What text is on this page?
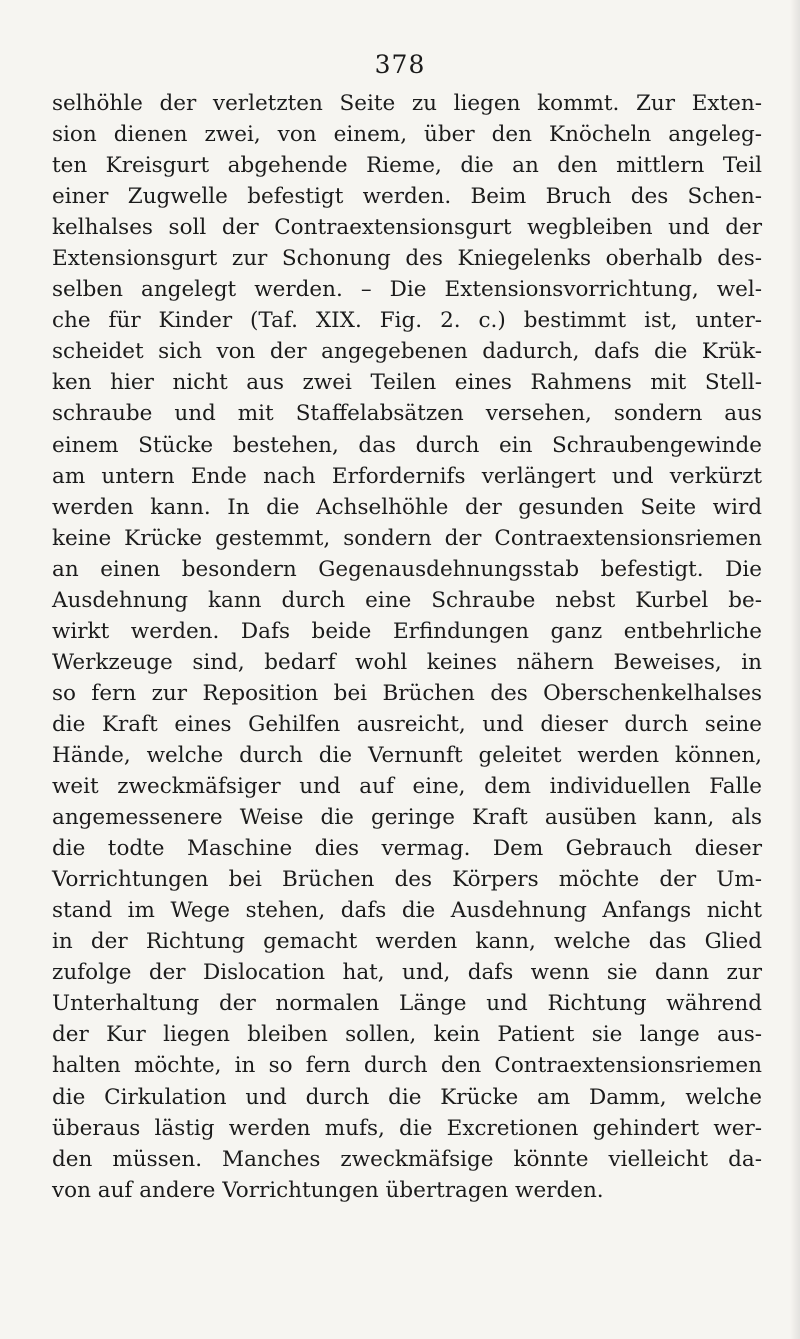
378
selhöhle der verletzten Seite zu liegen kommt. Zur Exten-
sion dienen zwei, von einem, über den Knöcheln angeleg-
ten Kreisgurt abgehende Rieme, die an den mittlern Teil
einer Zugwelle befestigt werden. Beim Bruch des Schen-
kelhalses soll der Contraextensionsgurt wegbleiben und der
Extensionsgurt zur Schonung des Kniegelenks oberhalb des-
selben angelegt werden. – Die Extensionsvorrichtung, wel-
che für Kinder (Taf. XIX. Fig. 2. c.) bestimmt ist, unter-
scheidet sich von der angegebenen dadurch, dafs die Krük-
ken hier nicht aus zwei Teilen eines Rahmens mit Stell-
schraube und mit Staffelabsätzen versehen, sondern aus
einem Stücke bestehen, das durch ein Schraubengewinde
am untern Ende nach Erfordernifs verlängert und verkürzt
werden kann. In die Achselhöhle der gesunden Seite wird
keine Krücke gestemmt, sondern der Contraextensionsriemen
an einen besondern Gegenausdehnungsstab befestigt. Die
Ausdehnung kann durch eine Schraube nebst Kurbel be-
wirkt werden. Dafs beide Erfindungen ganz entbehrliche
Werkzeuge sind, bedarf wohl keines nähern Beweises, in
so fern zur Reposition bei Brüchen des Oberschenkelhalses
die Kraft eines Gehilfen ausreicht, und dieser durch seine
Hände, welche durch die Vernunft geleitet werden können,
weit zweckmäfsiger und auf eine, dem individuellen Falle
angemessenere Weise die geringe Kraft ausüben kann, als
die todte Maschine dies vermag. Dem Gebrauch dieser
Vorrichtungen bei Brüchen des Körpers möchte der Um-
stand im Wege stehen, dafs die Ausdehnung Anfangs nicht
in der Richtung gemacht werden kann, welche das Glied
zufolge der Dislocation hat, und, dafs wenn sie dann zur
Unterhaltung der normalen Länge und Richtung während
der Kur liegen bleiben sollen, kein Patient sie lange aus-
halten möchte, in so fern durch den Contraextensionsriemen
die Cirkulation und durch die Krücke am Damm, welche
überaus lästig werden mufs, die Excretionen gehindert wer-
den müssen. Manches zweckmäfsige könnte vielleicht da-
von auf andere Vorrichtungen übertragen werden.
